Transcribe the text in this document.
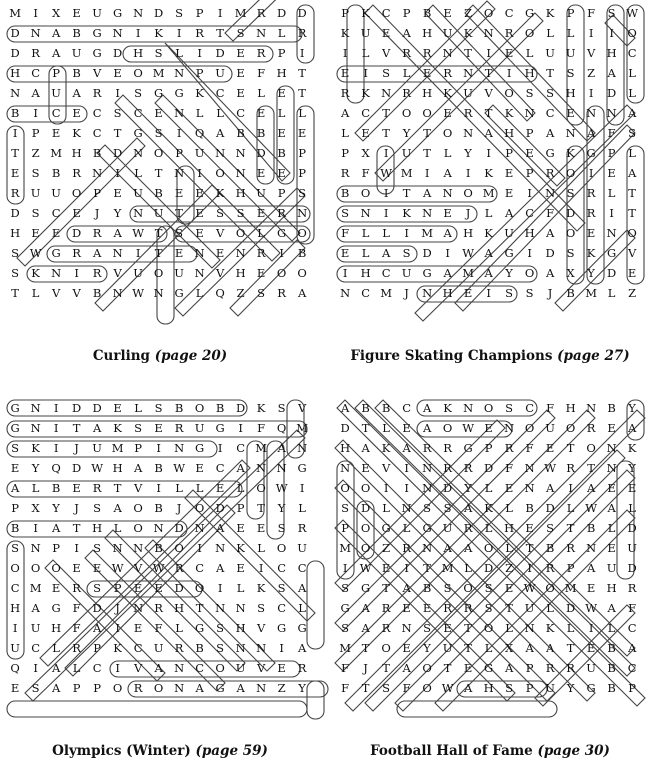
M	I	X	E U G N D	S	P	I	M R D D
D N A	B G N	I	K	I	R	T	S N L	R
D R	A U G D H S	L	I	D E	R	P	I
H C	P	B	V	E O M N P U E	F H T
N A U A	R	I	S	G G K C	E	L	E	T
B	I	C	E	C	S	C	E N L	L	C	E	L	L
I	P	E	K C	T	G	S	I	Q A	B	B	E	E
T	Z M H B D N O	P U N N D B	P
E	S	B	R N	I	L	T N	I	O N E	E	P
R U U O	P	E U B	E	E	K H U P	S
D	S	C	E	J	Y N U	T	E	S	S	E	R N
H E	E D R	A W T	S	E	V O	L	G O
S W G R	A N	I	T	E N E N R	I	B
S	K N	I	R	V U O U N V H E O O
T	L	V	V	B N W N G	L	Q Z	S	R	A
Curling (page 20)
P	K C	P	B	E	Z O C G K	P	F	S W
K U E	A H U K N R O	L	L	I	I	O
I	L	V	R	R N T	I	E	L	U U V H C
E	I	S	L	E	R N T	I	H T	S	Z	A	L
R	K N R H K U V O	S	S H	I	D	L
A	C	T	O O E	R	T	K N C	E N N A
L	E	T	Y	T	O N A H P	A N A	F	S
P	X	I	U	T	L	Y	I	P	E G K G	P	L
R	F W M	I	A	I	K	E	P	R O	I	E	A
B O	I	T	A N O M E	I	N S	R	L	T
S N	I	K N E	J	L	A	C	F	D R	I	T
F	L	L	I	M A H K U H A O E N O
E	L	A	S	D	I	W A G	I	D	S	K G V
I	H C U G A M A	Y	O A	X	Y	D E
N C M	J	N H E	I	S	S	J	B M L	Z
Figure Skating Champions (page 27)
G N	I	D D E	L	S	B O B D K	S	V
G N	I	T	A	K	S	E	R U G	I	F Q M
S	K	I	J	U M P	I	N G	I	C M A N
E	Y	Q D W H A	B W E	C	A N N G
A	L	B	E	R	T	V	I	L	L	E	L	O W	I
P	X	Y	J	S	A O B	J	O D	P	T	Y	L
B	I	A	T H L	O N D N A	E	E	S	R
S N P	I	S N N B O	I	N K	L	O U
O O O E	E W V W R C	A	E	I	C C
C M E	R	S	P	E	E D O	I	L	K	S	A
H A G	F	D	J	N R H T N N S	C	L
I	U H F	A	I	E	F	L	G	S H V G G
U C	L	R	P	K C U R	B	S N N	I	A
Q	I	A	L	C	I	V	A N C O U V	E	R
E	S	A	P	P	O R O N A G A N Z	Y
Olympics (Winter) (page 59)
A	B	B	C	A	K N O	S	C	F H N B	Y
D	T	L	E	A O W E N O U O R	E	A
H A	K	A	R	R G	P	R	F	E	T	O N K
N E	V	I	N R	R D	F N W R	T N Y
O O	I	I	N D	Y	L	E N A	I	A	E	E
S	D	L N S	S	A	K	L	B D	L W A	L
P	O G	L	G U R	L H E	S	T	B	L	D
M O Z	R N A	A O	L	T	B	R N E U
I	W E	I	T M L	D	Z	I	R	P	A U D
S	G	T	A	B	S	O	S	E W O M E H R
G A	R	E	E	R	R	S	T	U	L	D W A	F
S	A	R N S	E	T	O	L N K	L	I	L	C
M T	O E	Y	U	T	L	X	A	A	T	E	B	A
F	J	T	A O	T	E G A	P	R	R U B	C
F	T	S	F O W A H S	P U	Y	G B	P
Football Hall of Fame (page 30)
